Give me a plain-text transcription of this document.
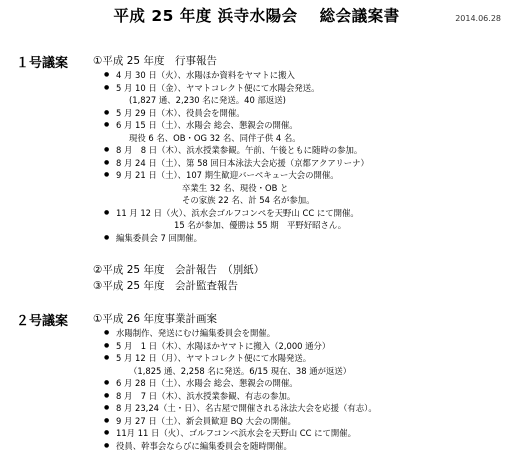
平成 25 年度 浜寺水陽会　 総会議案書	2014.06.28
１号議案 ①平成 25 年度　行事報告
● 4 月 30 日（火）、水陽ほか資料をヤマトに搬入
● 5 月 10 日（金）、ヤマトコレクト便にて水陽会発送。
(1,827 通、2,230 名に発送。40 部返送)
● 5 月 29 日（木）、役員会を開催。
● 6 月 15 日（土）、水陽会 総会、懇親会の開催。
現役 6 名、OB・OG 32 名、同伴子供 4 名。
● 8 月　8 日（木）、浜水授業参観。午前、午後ともに随時の参加。
● 8 月 24 日（土）、第 58 回日本泳法大会応援（京都アクアリーナ）
● 9 月 21 日（土）、107 期生歓迎バーベキュー大会の開催。
卒業生 32 名、現役・OB と
その家族 22 名、計 54 名が参加。
● 11 月 12 日（火）、浜水会ゴルフコンペを天野山 CC にて開催。
15 名が参加、優勝は 55 期　平野好昭さん。
● 編集委員会 7 回開催。
②平成 25 年度　会計報告　（別紙）
③平成 25 年度　会計監査報告
２号議案 ①平成 26 年度事業計画案
● 水陽制作、発送にむけ編集委員会を開催。
● 5 月　1 日（木）、水陽ほかヤマトに搬入（2,000 通分）
● 5 月 12 日（月）、ヤマトコレクト便にて水陽発送。
（1,825 通、2,258 名に発送。6/15 現在、38 通が返送）
● 6 月 28 日（土）、水陽会 総会、懇親会の開催。
● 8 月　7 日（木）、浜水授業参観、有志の参加。
● 8 月 23,24（土・日）、名古屋で開催される泳法大会を応援（有志）。
● 9 月 27 日（土）、新会員歓迎 BQ 大会の開催。
● 11月 11 日（火）、ゴルフコンペ浜水会を天野山 CC にて開催。
● 役員、幹事会ならびに編集委員会を随時開催。
